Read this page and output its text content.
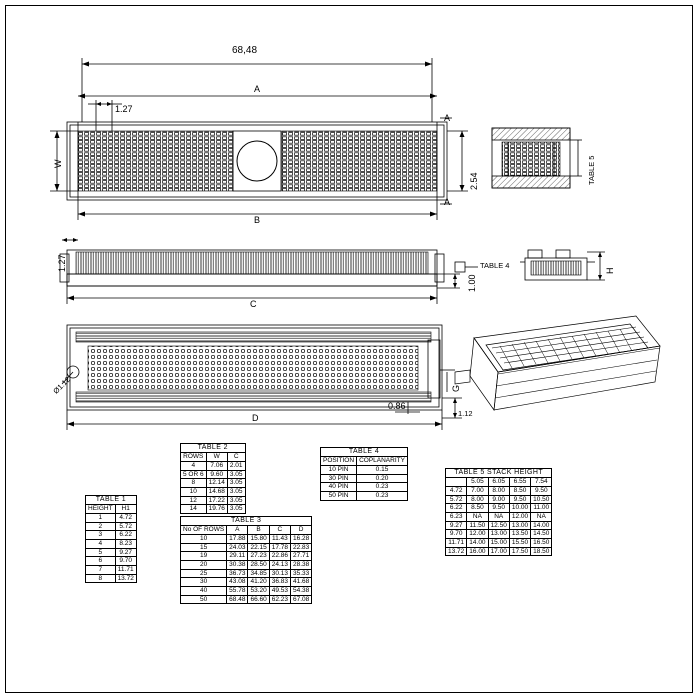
68,48
1.27
A
B
A
A
W
2.54
1.27
C
1.00
TABLE 4
D
Ø1.12
0.86
1.12
G
TABLE 5
H
TABLE 1	
HEIGHT	H1
1	4.72
2	5.72
3	6.22
4	8.23
5	9.27
6	9.70
7	11.71
8	13.72
TABLE 2		
ROWS	W	C
4	7.06	2.01
5 OR 6	9.60	3.05
8	12.14	3.05
10	14.68	3.05
12	17.22	3.05
14	19.76	3.05
TABLE 3				
No OF ROWS	A	B	C	D
10	17.88	15.80	11.43	16.28
15	24.03	22.15	17.78	22.83
19	29.11	27.23	22.86	27.71
20	30.38	28.50	24.13	28.38
25	36.73	34.85	30.13	35.33
30	43.08	41.20	36.83	41.68
40	55.78	53.20	49.53	54.38
50	68.48	66.60	62.23	67.08
TABLE 4	
POSITION	COPLANARITY
10 PIN	0.15
30 PIN	0.20
40 PIN	0.23
50 PIN	0.23
TABLE 5 STACK HEIGHT				
	5.05	6.05	6.55	7.54
4.72	7.00	8.00	8.50	9.50
5.72	8.00	9.00	9.50	10.50
6.22	8.50	9.50	10.00	11.00
6.23	NA	NA	12.00	NA
9.27	11.50	12.50	13.00	14.00
9.70	12.00	13.00	13.50	14.50
11.71	14.00	15.00	15.50	16.50
13.72	16.00	17.00	17.50	18.50
